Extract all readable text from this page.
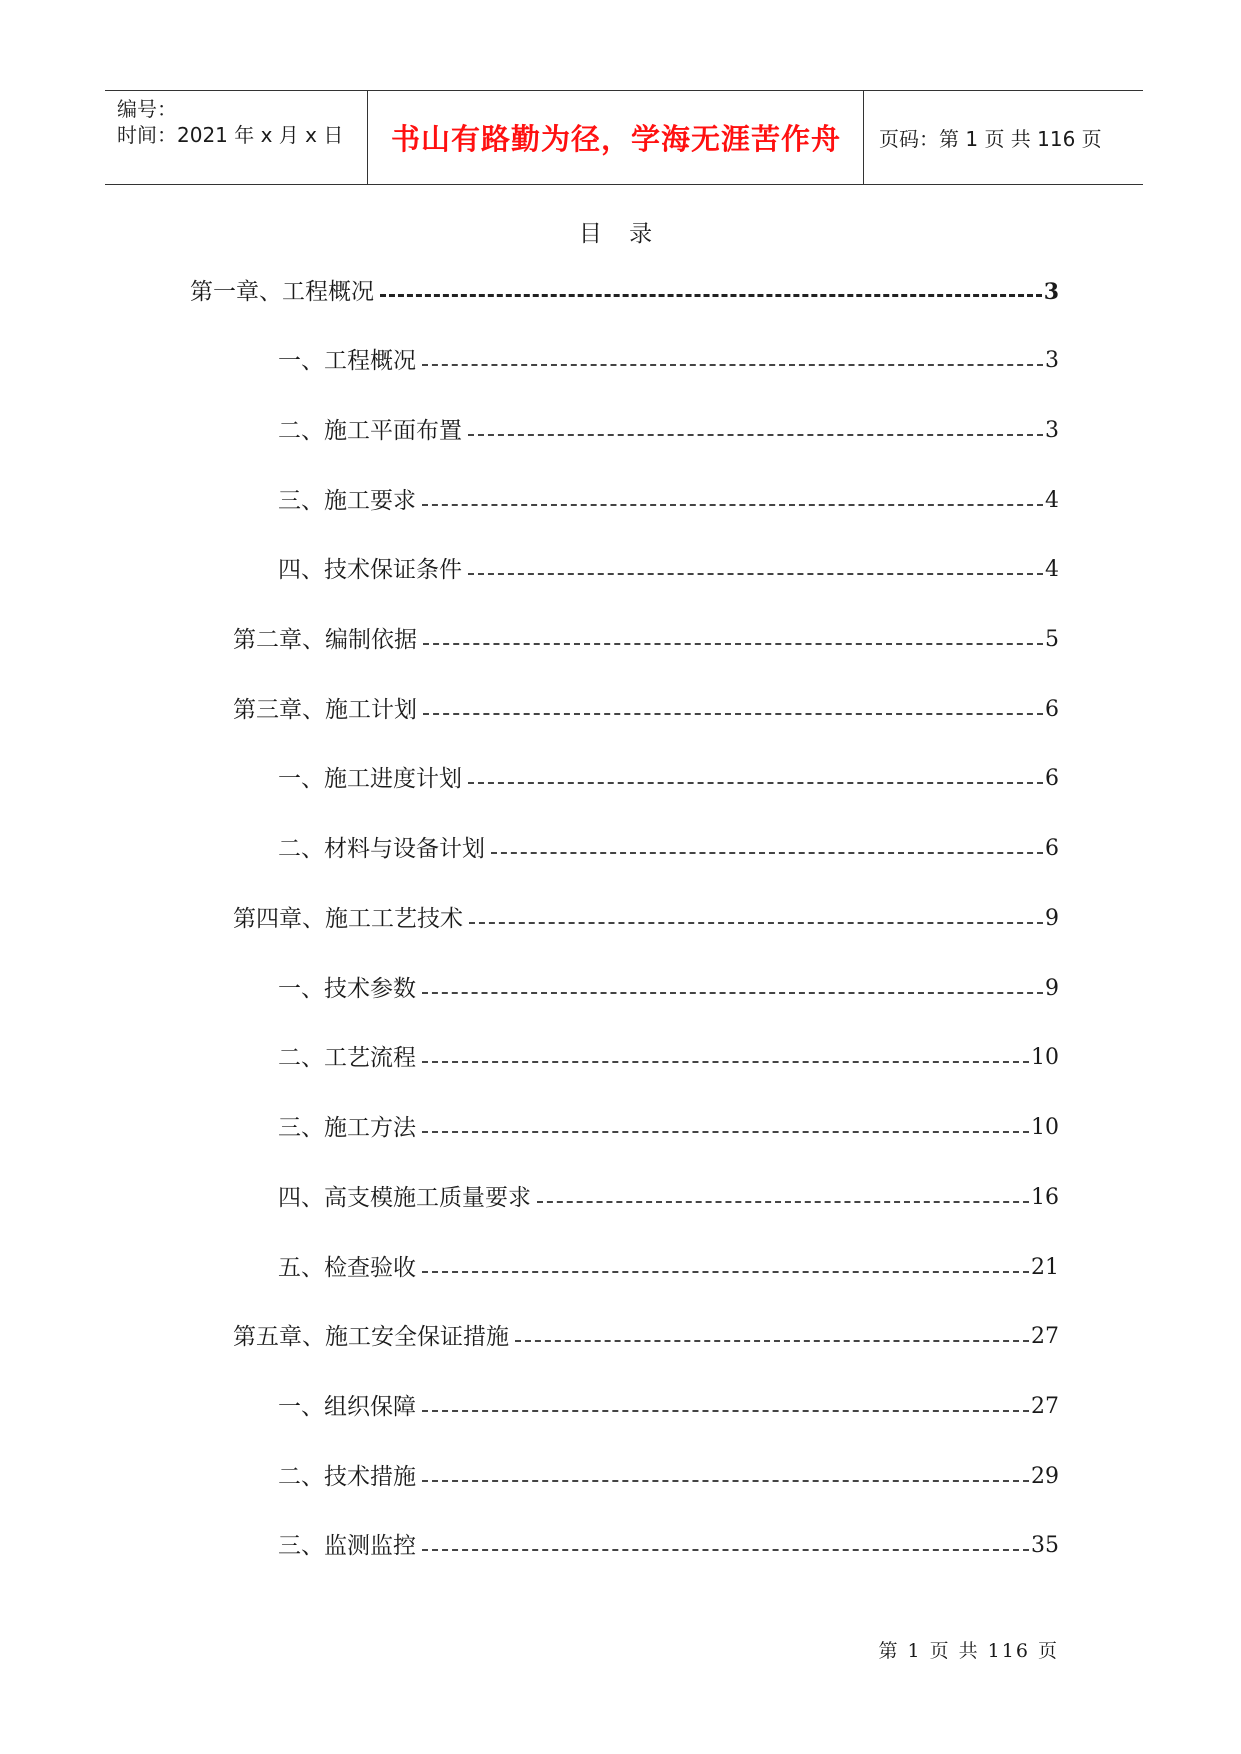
编号：
时间：2021 年 x 月 x 日	书山有路勤为径，学海无涯苦作舟	页码：第 1 页 共 116 页
目 录
第一章、工程概况	3
一、工程概况	3
二、施工平面布置	3
三、施工要求	4
四、技术保证条件	4
第二章、编制依据	5
第三章、施工计划	6
一、施工进度计划	6
二、材料与设备计划	6
第四章、施工工艺技术	9
一、技术参数	9
二、工艺流程	10
三、施工方法	10
四、高支模施工质量要求	16
五、检查验收	21
第五章、施工安全保证措施	27
一、组织保障	27
二、技术措施	29
三、监测监控	35
第 1 页 共 116 页
